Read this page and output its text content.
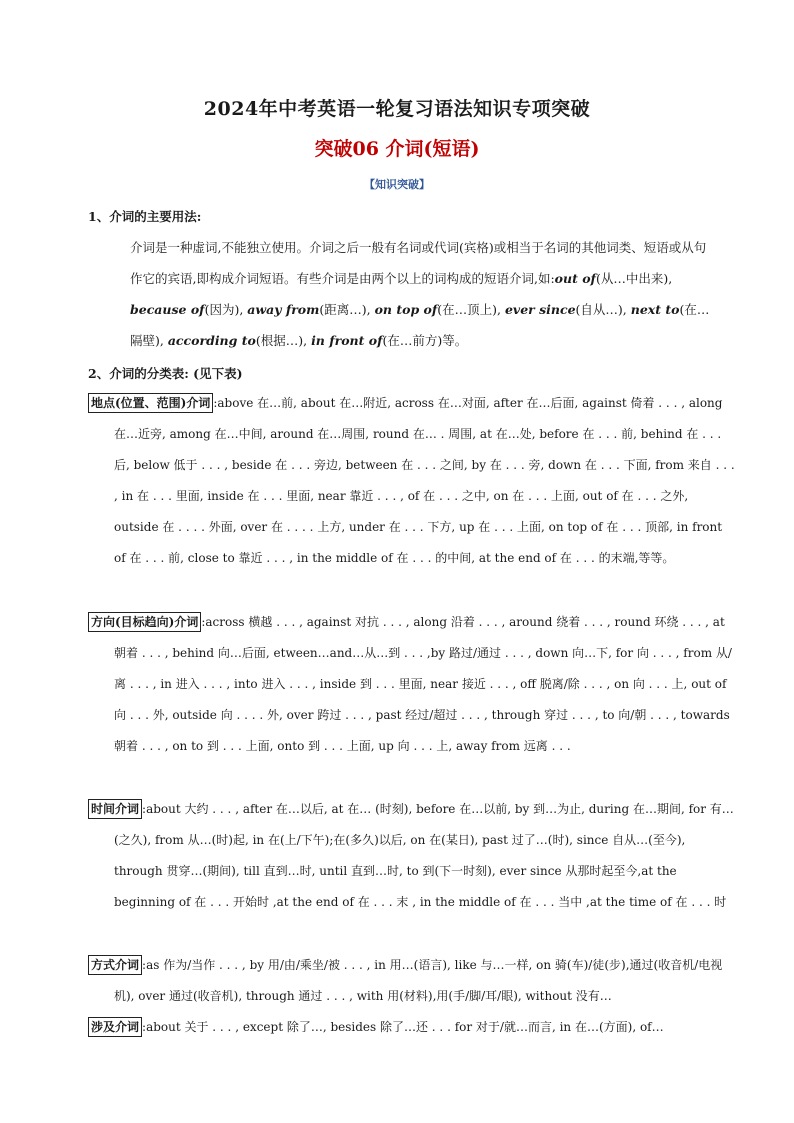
2024年中考英语一轮复习语法知识专项突破
突破06 介词(短语)
【知识突破】
1、介词的主要用法:
介词是一种虚词,不能独立使用。介词之后一般有名词或代词(宾格)或相当于名词的其他词类、短语或从句作它的宾语,即构成介词短语。有些介词是由两个以上的词构成的短语介词,如:out of(从…中出来), because of(因为), away from(距离…), on top of(在…顶上), ever since(自从…), next to(在…隔壁), according to(根据…), in front of(在…前方)等。
2、介词的分类表: (见下表)
地点(位置、范围)介词 :above 在…前, about 在…附近, across 在…对面, after 在…后面, against 倚着 . . . , along 在…近旁, among 在…中间, around 在…周围, round 在… . 周围, at 在…处, before 在 . . . 前, behind 在 . . . 后, below 低于 . . . , beside 在 . . . 旁边, between 在 . . . 之间, by 在 . . . 旁, down 在 . . . 下面, from 来自 . . . , in 在 . . . 里面, inside 在 . . . 里面, near 靠近 . . . , of 在 . . . 之中, on 在 . . . 上面, out of 在 . . . 之外, outside 在 . . . . 外面, over 在 . . . . 上方, under 在 . . . 下方, up 在 . . . 上面, on top of 在 . . . 顶部, in front of 在 . . . 前, close to 靠近 . . . , in the middle of 在 . . . 的中间, at the end of 在 . . . 的末端,等等。
方向(目标趋向)介词 :across 横越 . . . , against 对抗 . . . , along 沿着 . . . , around 绕着 . . . , round 环绕 . . . , at 朝着 . . . , behind 向…后面, etween…and…从…到 . . . ,by 路过/通过 . . . , down 向…下, for 向 . . . , from 从/离 . . . , in 进入 . . . , into 进入 . . . , inside 到 . . . 里面, near 接近 . . . , off 脱离/除 . . . , on 向 . . . 上, out of 向 . . . 外, outside 向 . . . . 外, over 跨过 . . . , past 经过/超过 . . . , through 穿过 . . . , to 向/朝 . . . , towards 朝着 . . . , on to 到 . . . 上面, onto 到 . . . 上面, up 向 . . . 上, away from 远离 . . .
时间介词 :about 大约 . . . , after 在…以后, at 在… (时刻), before 在…以前, by 到…为止, during 在…期间, for 有…(之久), from 从…(时)起, in 在(上/下午);在(多久)以后, on 在(某日), past 过了…(时), since 自从…(至今), through 贯穿…(期间), till 直到…时, until 直到…时, to 到(下一时刻), ever since 从那时起至今,at the beginning of 在 . . . 开始时 ,at the end of 在 . . . 末 , in the middle of 在 . . . 当中 ,at the time of 在 . . . 时
方式介词 :as 作为/当作 . . . , by 用/由/乘坐/被 . . . , in 用…(语言), like 与…一样, on 骑(车)/徒(步),通过(收音机/电视机), over 通过(收音机), through 通过 . . . , with 用(材料),用(手/脚/耳/眼), without 没有…
涉及介词 :about 关于 . . . , except 除了…, besides 除了…还 . . . for 对于/就…而言, in 在…(方面), of…
